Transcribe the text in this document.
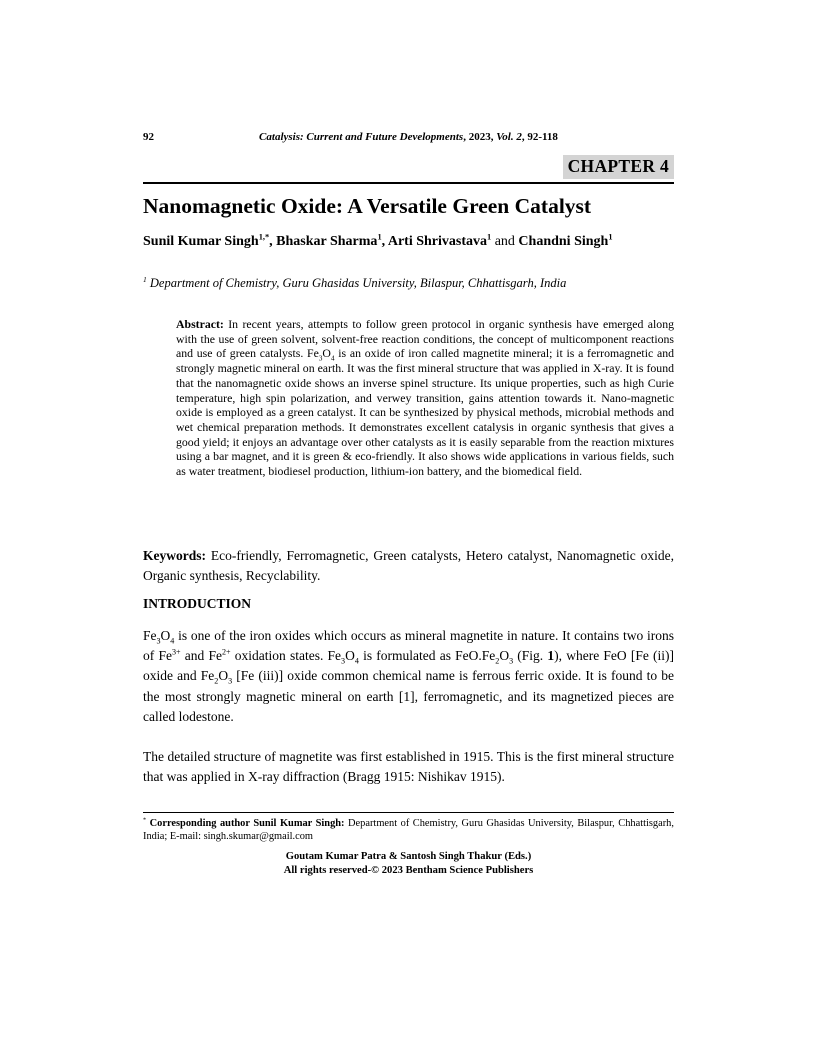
92	Catalysis: Current and Future Developments, 2023, Vol. 2, 92-118
CHAPTER 4
Nanomagnetic Oxide: A Versatile Green Catalyst

Sunil Kumar Singh$^{1,*}$, Bhaskar Sharma$^1$, Arti Shrivastava$^1$ and Chandni Singh$^1$

$^1$ Department of Chemistry, Guru Ghasidas University, Bilaspur, Chhattisgarh, India

Abstract: In recent years, attempts to follow green protocol in organic synthesis have emerged along with the use of green solvent, solvent-free reaction conditions, the concept of multicomponent reactions and use of green catalysts. $Fe_3O_4$ is an oxide of iron called magnetite mineral; it is a ferromagnetic and strongly magnetic mineral on earth. It was the first mineral structure that was applied in X-ray. It is found that the nanomagnetic oxide shows an inverse spinel structure. Its unique properties, such as high Curie temperature, high spin polarization, and verwey transition, gains attention towards it. Nano-magnetic oxide is employed as a green catalyst. It can be synthesized by physical methods, microbial methods and wet chemical preparation methods. It demonstrates excellent catalysis in organic synthesis that gives a good yield; it enjoys an advantage over other catalysts as it is easily separable from the reaction mixtures using a bar magnet, and it is green & eco-friendly. It also shows wide applications in various fields, such as water treatment, biodiesel production, lithium-ion battery, and the biomedical field.

Keywords: Eco-friendly, Ferromagnetic, Green catalysts, Hetero catalyst, Nanomagnetic oxide, Organic synthesis, Recyclability.

INTRODUCTION

$Fe_3O_4$ is one of the iron oxides which occurs as mineral magnetite in nature. It contains two irons of $Fe^{3+}$ and $Fe^{2+}$ oxidation states. $Fe_3O_4$ is formulated as $FeO.Fe_2O_3$ (Fig. 1), where FeO [Fe (ii)] oxide and $Fe_2O_3$ [Fe (iii)] oxide common chemical name is ferrous ferric oxide. It is found to be the most strongly magnetic mineral on earth [1], ferromagnetic, and its magnetized pieces are called lodestone.

The detailed structure of magnetite was first established in 1915. This is the first mineral structure that was applied in X-ray diffraction (Bragg 1915: Nishikav 1915).

* Corresponding author Sunil Kumar Singh: Department of Chemistry, Guru Ghasidas University, Bilaspur, Chhattisgarh, India; E-mail: singh.skumar@gmail.com
Goutam Kumar Patra & Santosh Singh Thakur (Eds.)
All rights reserved-© 2023 Bentham Science Publishers
